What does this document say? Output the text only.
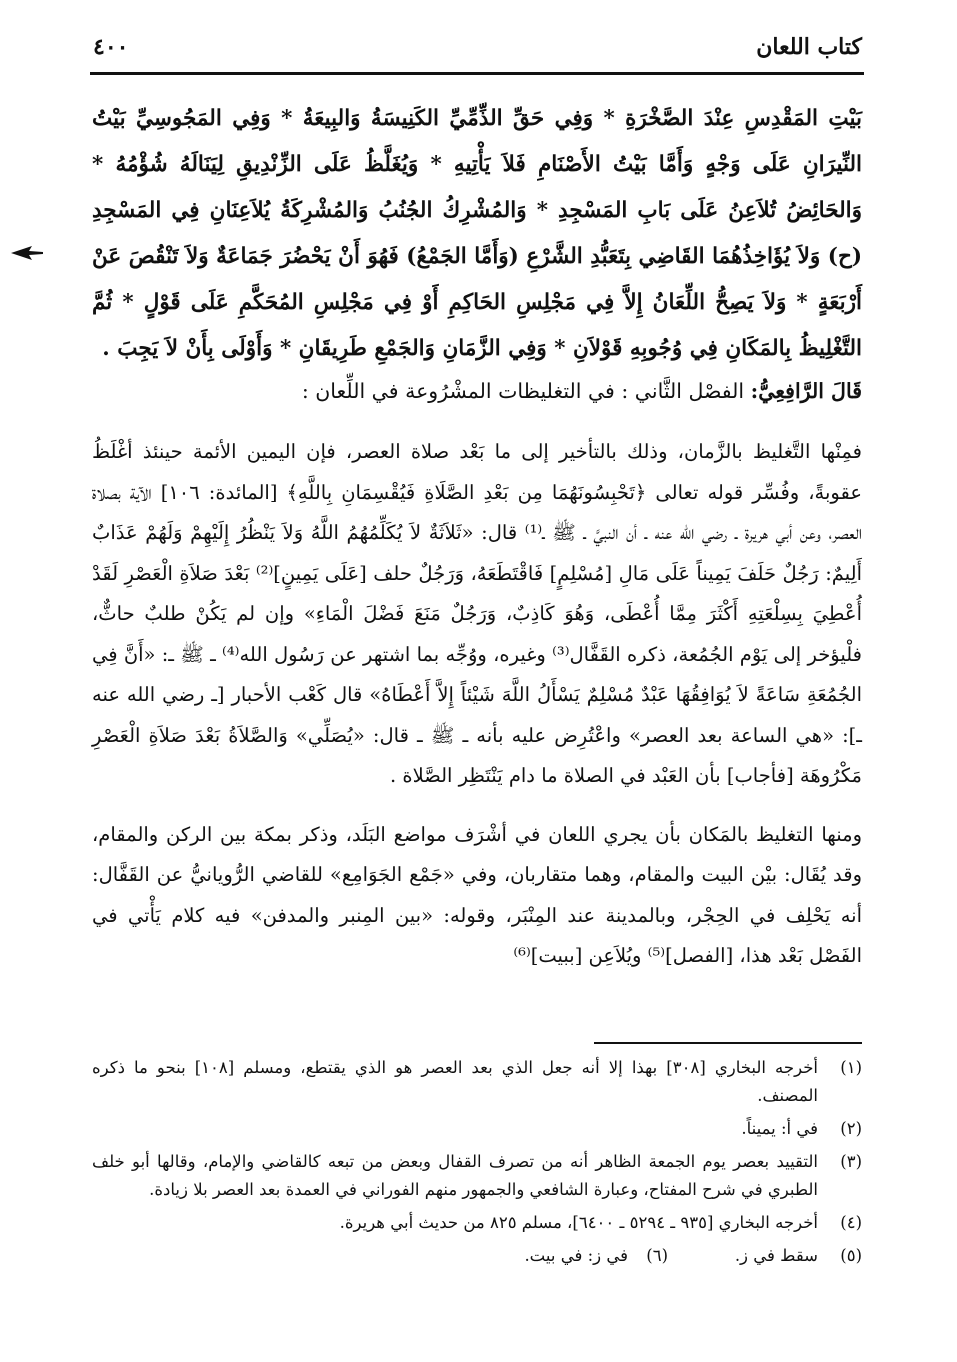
كتاب اللعان
٤٠٠

بَيْتِ المَقْدِسِ عِنْدَ الصَّخْرَةِ * وَفِي حَقِّ الذِّمِّيِّ الكَنِيسَةُ وَالبِيعَةُ * وَفِي المَجُوسِيِّ بَيْتُ النِّيرَانِ عَلَى وَجْهٍ وَأَمَّا بَيْتُ الأَصْنَامِ فَلاَ يَأْتِيهِ * وَيُغَلَّظُ عَلَى الزِّنْدِيقِ لِيَنَالَهُ شُؤْمُهُ * وَالحَائِضُ تُلاَعِنُ عَلَى بَابِ المَسْجِدِ * وَالمُشْرِكُ الجُنُبُ وَالمُشْرِكَةُ يُلاَعِنَانِ فِي المَسْجِدِ (ح) وَلاَ يُؤَاخِذُهُمَا القَاضِي بِتَعَبُّدِ الشَّرْعِ (وَأَمَّا الجَمْعُ) فَهُوَ أَنْ يَحْضُرَ جَمَاعَةٌ وَلاَ تَنْقُصَ عَنْ أَرْبَعَةٍ * وَلاَ يَصِحُّ اللِّعَانُ إِلاَّ فِي مَجْلِسِ الحَاكِمِ أَوْ فِي مَجْلِسِ المُحَكَّمِ عَلَى قَوْلٍ * ثُمَّ التَّغْلِيظُ بِالمَكَانِ فِي وُجُوبِهِ قَوْلاَنِ * وَفِي الزَّمَانِ وَالجَمْعِ طَرِيقَانِ * وَأَوْلَى بِأَنْ لاَ يَجِبَ .

قَالَ الرَّافِعِيُّ: الفصْل الثَّاني : في التغليظات المشْرُوعة في اللِّعان :

فمِنْها التَّغليظ بالزَّمان، وذلك بالتأخير إلى ما بَعْد صلاة العصر، فإن اليمين الأئمة حينئذ أغْلَظُ عقوبةً، وفُسِّر قوله تعالى ﴿تَحْبِسُونَهُمَا مِن بَعْدِ الصَّلَاةِ فَيُقْسِمَانِ بِاللَّهِ﴾ [المائدة: ١٠٦] الآية بصلاة العصر، وعن أبي هريرة ـ رضي الله عنه ـ أن النبيَّ ـ ﷺ ـ⁽¹⁾ قال: «ثَلاَثَةٌ لاَ يُكَلِّمُهُمُ اللَّهُ وَلاَ يَنْظُرُ إِلَيْهِمْ وَلَهُمْ عَذَابٌ أَلِيمٌ: رَجُلٌ حَلَفَ يَمِيناً عَلَى مَالِ [مُسْلِمٍ] فَاقْتَطَعَهُ، وَرَجُلٌ حلف [عَلَى يَمِينٍ]⁽²⁾ بَعْدَ صَلاَةِ الْعَصْرِ لَقَدْ أُعْطِيَ بِسِلْعَتِهِ أَكْثَرَ مِمَّا أُعْطَى، وَهُوَ كَاذِبٌ، وَرَجُلٌ مَنَعَ فَضْلَ الْمَاءِ» وإن لم يَكُنْ طلبٌ حاثٌّ، فلْيؤخر إلى يَوْم الجُمُعة، ذكره القَفَّال⁽³⁾ وغيره، ووُجِّه بما اشتهر عن رَسُول الله⁽⁴⁾ ـ ﷺ ـ: «أَنَّ فِي الجُمُعَةِ سَاعَةً لاَ يُوَافِقُهَا عَبْدٌ مُسْلِمٌ يَسْأَلُ اللَّهَ شَيْئاً إِلاَّ أَعْطَاهُ» قال كَعْب الأحبار [ـ رضي الله عنه ـ]: «هي الساعة بعد العصر» واعْتُرِض عليه بأنه ـ ﷺ ـ قال: «يُصَلِّي» وَالصَّلاَةُ بَعْدَ صَلاَةِ الْعَصْرِ مَكْرُوهَة [فأجاب] بأن العَبْد في الصلاة ما دام يَنْتَظِر الصَّلاة .

ومنها التغليظ بالمَكان بأن يجري اللعان في أشْرَف مواضع البَلَد، وذكر بمكة بين الركن والمقام، وقد يُقَال: بيْن البيت والمقام، وهما متقاربان، وفي «جَمْع الجَوَامِع» للقاضي الرُّويانيُّ عن القَفَّال: أنه يَحْلِف في الحِجْر، وبالمدينة عند المِنْبَر، وقوله: «بين المِنبر والمدفن» فيه كلام يَأْتي في الفَصْل بَعْد هذا، [الفصل]⁽⁵⁾ ويُلاَعِن [ببيت]⁽⁶⁾

(١)
أخرجه البخاري [٣٠٨] بهذا إلا أنه جعل الذي بعد العصر هو الذي يقتطع، ومسلم [١٠٨] بنحو ما ذكره المصنف.
(٢)
في أ: يميناً.
(٣)
التقييد بعصر يوم الجمعة الظاهر أنه من تصرف القفال وبعض من تبعه كالقاضي والإمام، وقالها أبو خلف الطبري في شرح المفتاح، وعبارة الشافعي والجمهور منهم الفوراني في العمدة بعد العصر بلا زيادة.
(٤)
أخرجه البخاري [٩٣٥ ـ ٥٢٩٤ ـ ٦٤٠٠]، مسلم ٨٢٥ من حديث أبي هريرة.
(٥)
سقط في ز.
(٦)
في ز: في بيت.
